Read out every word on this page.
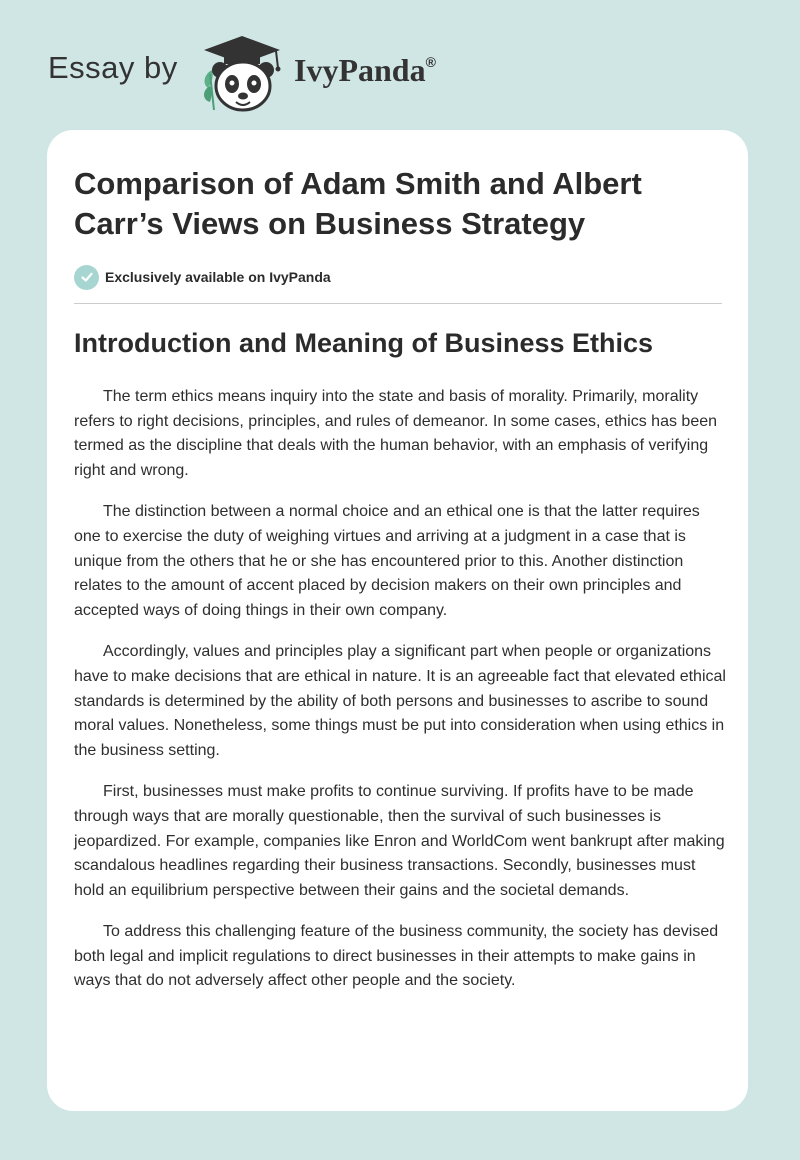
Essay by	IvyPanda®
Comparison of Adam Smith and Albert Carr’s Views on Business Strategy
Exclusively available on IvyPanda
Introduction and Meaning of Business Ethics

The term ethics means inquiry into the state and basis of morality. Primarily, morality refers to right decisions, principles, and rules of demeanor. In some cases, ethics has been termed as the discipline that deals with the human behavior, with an emphasis of verifying right and wrong.

The distinction between a normal choice and an ethical one is that the latter requires one to exercise the duty of weighing virtues and arriving at a judgment in a case that is unique from the others that he or she has encountered prior to this. Another distinction relates to the amount of accent placed by decision makers on their own principles and accepted ways of doing things in their own company.

Accordingly, values and principles play a significant part when people or organizations have to make decisions that are ethical in nature. It is an agreeable fact that elevated ethical standards is determined by the ability of both persons and businesses to ascribe to sound moral values. Nonetheless, some things must be put into consideration when using ethics in the business setting.

First, businesses must make profits to continue surviving. If profits have to be made through ways that are morally questionable, then the survival of such businesses is jeopardized. For example, companies like Enron and WorldCom went bankrupt after making scandalous headlines regarding their business transactions. Secondly, businesses must hold an equilibrium perspective between their gains and the societal demands.

To address this challenging feature of the business community, the society has devised both legal and implicit regulations to direct businesses in their attempts to make gains in ways that do not adversely affect other people and the society.
